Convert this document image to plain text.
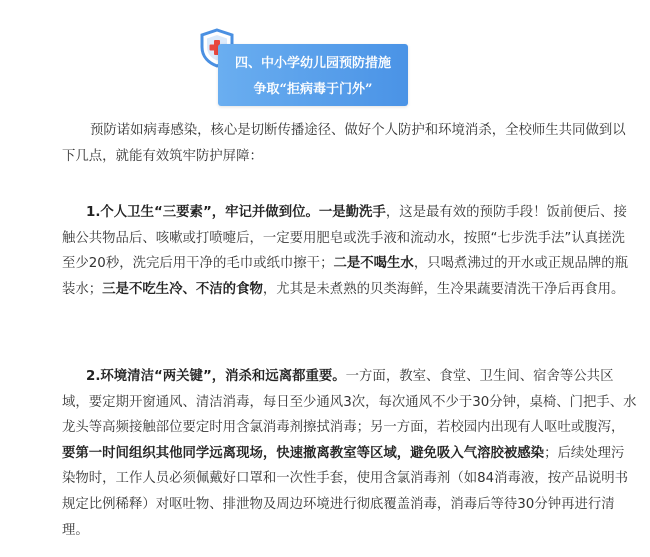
四、中小学幼儿园预防措施
争取“拒病毒于门外”

预防诺如病毒感染，核心是切断传播途径、做好个人防护和环境消杀，全校师生共同做到以下几点，就能有效筑牢防护屏障：

1.个人卫生“三要素”，牢记并做到位。一是勤洗手，这是最有效的预防手段！饭前便后、接触公共物品后、咳嗽或打喷嚏后，一定要用肥皂或洗手液和流动水，按照“七步洗手法”认真搓洗至少20秒，洗完后用干净的毛巾或纸巾擦干；二是不喝生水，只喝煮沸过的开水或正规品牌的瓶装水；三是不吃生冷、不洁的食物，尤其是未煮熟的贝类海鲜，生冷果蔬要清洗干净后再食用。

2.环境清洁“两关键”，消杀和远离都重要。一方面，教室、食堂、卫生间、宿舍等公共区域，要定期开窗通风、清洁消毒，每日至少通风3次，每次通风不少于30分钟，桌椅、门把手、水龙头等高频接触部位要定时用含氯消毒剂擦拭消毒；另一方面，若校园内出现有人呕吐或腹泻，要第一时间组织其他同学远离现场，快速撤离教室等区域，避免吸入气溶胶被感染；后续处理污染物时，工作人员必须佩戴好口罩和一次性手套，使用含氯消毒剂（如84消毒液，按产品说明书规定比例稀释）对呕吐物、排泄物及周边环境进行彻底覆盖消毒，消毒后等待30分钟再进行清理。
